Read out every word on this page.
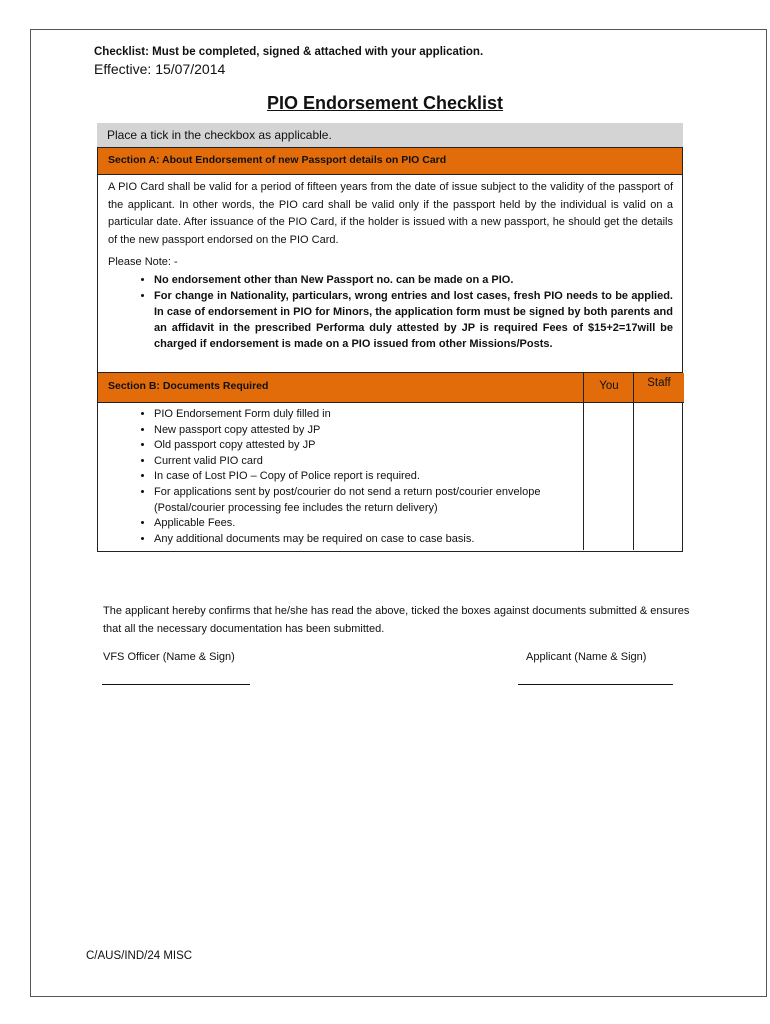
Checklist: Must be completed, signed & attached with your application.
Effective: 15/07/2014
PIO Endorsement Checklist
Place a tick in the checkbox as applicable.
Section A: About Endorsement of new Passport details on PIO Card
A PIO Card shall be valid for a period of fifteen years from the date of issue subject to the validity of the passport of the applicant. In other words, the PIO card shall be valid only if the passport held by the individual is valid on a particular date. After issuance of the PIO Card, if the holder is issued with a new passport, he should get the details of the new passport endorsed on the PIO Card.
Please Note: -
• No endorsement other than New Passport no. can be made on a PIO.
• For change in Nationality, particulars, wrong entries and lost cases, fresh PIO needs to be applied. In case of endorsement in PIO for Minors, the application form must be signed by both parents and an affidavit in the prescribed Performa duly attested by JP is required Fees of $15+2=17will be charged if endorsement is made on a PIO issued from other Missions/Posts.
Section B: Documents Required	You	Staff
• PIO Endorsement Form duly filled in
• New passport copy attested by JP
• Old passport copy attested by JP
• Current valid PIO card
• In case of Lost PIO – Copy of Police report is required.
• For applications sent by post/courier do not send a return post/courier envelope (Postal/courier processing fee includes the return delivery)
• Applicable Fees.
• Any additional documents may be required on case to case basis.
The applicant hereby confirms that he/she has read the above, ticked the boxes against documents submitted & ensures that all the necessary documentation has been submitted.
VFS Officer (Name & Sign)	Applicant (Name & Sign)
C/AUS/IND/24 MISC
